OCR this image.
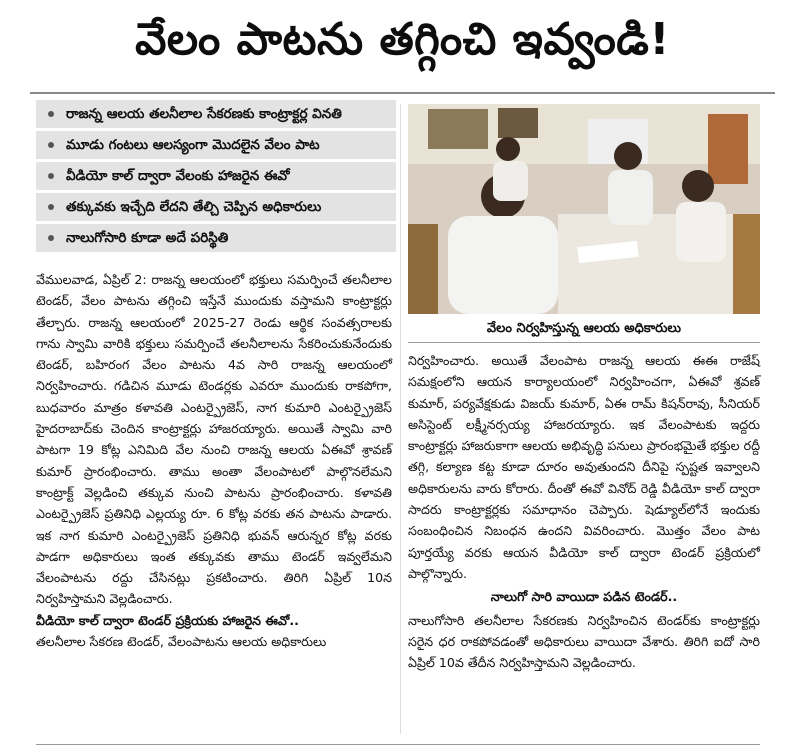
వేలం పాటను తగ్గించి ఇవ్వండి!
రాజన్న ఆలయ తలనీలాల సేకరణకు కాంట్రాక్టర్ల వినతి
మూడు గంటలు ఆలస్యంగా మొదలైన వేలం పాట
వీడియో కాల్ ద్వారా వేలంకు హాజరైన ఈవో
తక్కువకు ఇచ్చేది లేదని తేల్చి చెప్పిన అధికారులు
నాలుగోసారి కూడా అదే పరిస్థితి
వేలం నిర్వహిస్తున్న ఆలయ అధికారులు
వేములవాడ, ఏప్రిల్ 2: రాజన్న ఆలయంలో భక్తులు సమర్పించే తలనీలాల టెండర్, వేలం పాటను తగ్గించి ఇస్తేనే ముందుకు వస్తామని కాంట్రాక్టర్లు తేల్చారు. రాజన్న ఆలయంలో 2025-27 రెండు ఆర్థిక సంవత్సరాలకు గాను స్వామి వారికి భక్తులు సమర్పించే తలనీలాలను సేకరించుకునేందుకు టెండర్, బహిరంగ వేలం పాటను 4వ సారి రాజన్న ఆలయంలో నిర్వహించారు. గడిచిన మూడు టెండర్లకు ఎవరూ ముందుకు రాకపోగా, బుధవారం మాత్రం కళావతి ఎంటర్ప్రైజెస్, నాగ కుమారి ఎంటర్ప్రైజెస్ హైదరాబాద్‌కు చెందిన కాంట్రాక్టర్లు హాజరయ్యారు. అయితే స్వామి వారి పాటగా 19 కోట్ల ఎనిమిది వేల నుంచి రాజన్న ఆలయ ఏఈవో శ్రావణ్ కుమార్ ప్రారంభించారు. తాము అంతా వేలంపాటలో పాల్గొనలేమని కాంట్రాక్ట్ వెల్లడించి తక్కువ నుంచి పాటను ప్రారంభించారు. కళావతి ఎంటర్ప్రైజెస్ ప్రతినిధి ఎల్లయ్య రూ. 6 కోట్ల వరకు తన పాటను పాడారు. ఇక నాగ కుమారి ఎంటర్ప్రైజెస్ ప్రతినిధి భువన్ ఆరున్నర కోట్ల వరకు పాడగా అధికారులు ఇంత తక్కువకు తాము టెండర్ ఇవ్వలేమని వేలంపాటను రద్దు చేసినట్లు ప్రకటించారు. తిరిగి ఏప్రిల్ 10న నిర్వహిస్తామని వెల్లడించారు.
వీడియో కాల్ ద్వారా టెండర్ ప్రక్రియకు హాజరైన ఈవో..
తలనీలాల సేకరణ టెండర్, వేలంపాటను ఆలయ అధికారులు
నిర్వహించారు. అయితే వేలంపాట రాజన్న ఆలయ ఈఈ రాజేష్ సమక్షంలోని ఆయన కార్యాలయంలో నిర్వహించగా, ఏఈవో శ్రవణ్ కుమార్, పర్యవేక్షకుడు విజయ్ కుమార్, ఏఈ రామ్ కిషన్‌రావు, సీనియర్ అసిస్టెంట్ లక్ష్మీనర్సయ్య హాజరయ్యారు. ఇక వేలంపాటకు ఇద్దరు కాంట్రాక్టర్లు హాజరుకాగా ఆలయ అభివృద్ధి పనులు ప్రారంభమైతే భక్తుల రద్దీ తగ్గి, కల్యాణ కట్ట కూడా దూరం అవుతుందని దీనిపై స్పష్టత ఇవ్వాలని అధికారులను వారు కోరారు. దీంతో ఈవో వినోద్ రెడ్డి వీడియో కాల్ ద్వారా సాదరు కాంట్రాక్టర్లకు సమాధానం చెప్పారు. షెడ్యూల్‌లోనే ఇందుకు సంబంధించిన నిబంధన ఉందని వివరించారు. మొత్తం వేలం పాట పూర్తయ్యే వరకు ఆయన వీడియో కాల్ ద్వారా టెండర్ ప్రక్రియలో పాల్గొన్నారు.
నాలుగో సారి వాయిదా పడిన టెండర్..
నాలుగోసారి తలనీలాల సేకరణకు నిర్వహించిన టెండర్‌కు కాంట్రాక్టర్లు సరైన ధర రాకపోవడంతో అధికారులు వాయిదా వేశారు. తిరిగి ఐదో సారి ఏప్రిల్ 10వ తేదీన నిర్వహిస్తామని వెల్లడించారు.
